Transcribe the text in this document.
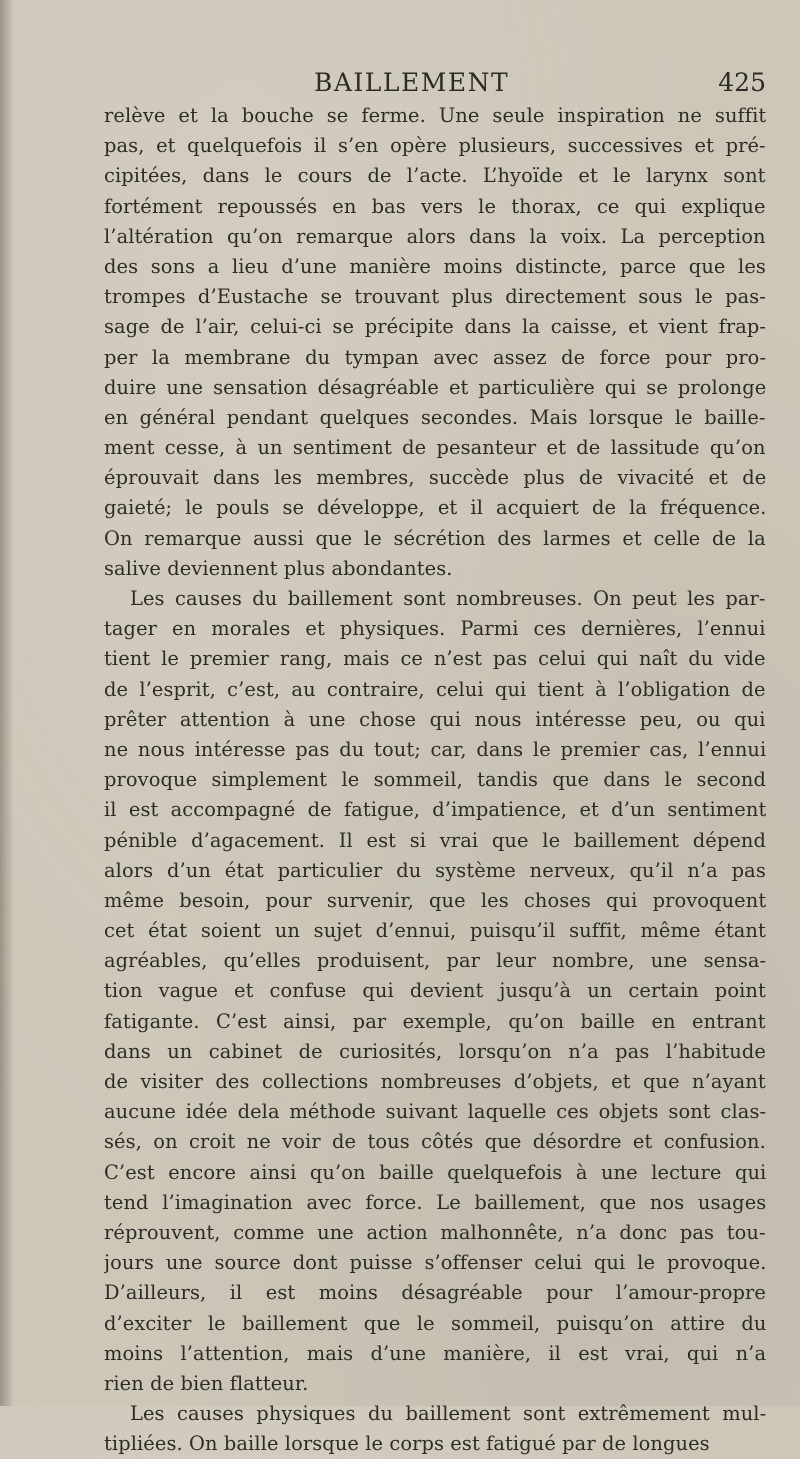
BAILLEMENT	425
relève et la bouche se ferme. Une seule inspiration ne suffit
pas, et quelquefois il s’en opère plusieurs, successives et pré-
cipitées, dans le cours de l’acte. L’hyoïde et le larynx sont
fortément repoussés en bas vers le thorax, ce qui explique
l’altération qu’on remarque alors dans la voix. La perception
des sons a lieu d’une manière moins distincte, parce que les
trompes d’Eustache se trouvant plus directement sous le pas-
sage de l’air, celui-ci se précipite dans la caisse, et vient frap-
per la membrane du tympan avec assez de force pour pro-
duire une sensation désagréable et particulière qui se prolonge
en général pendant quelques secondes. Mais lorsque le baille-
ment cesse, à un sentiment de pesanteur et de lassitude qu’on
éprouvait dans les membres, succède plus de vivacité et de
gaieté; le pouls se développe, et il acquiert de la fréquence.
On remarque aussi que le sécrétion des larmes et celle de la
salive deviennent plus abondantes.
Les causes du baillement sont nombreuses. On peut les par-
tager en morales et physiques. Parmi ces dernières, l’ennui
tient le premier rang, mais ce n’est pas celui qui naît du vide
de l’esprit, c’est, au contraire, celui qui tient à l’obligation de
prêter attention à une chose qui nous intéresse peu, ou qui
ne nous intéresse pas du tout; car, dans le premier cas, l’ennui
provoque simplement le sommeil, tandis que dans le second
il est accompagné de fatigue, d’impatience, et d’un sentiment
pénible d’agacement. Il est si vrai que le baillement dépend
alors d’un état particulier du système nerveux, qu’il n’a pas
même besoin, pour survenir, que les choses qui provoquent
cet état soient un sujet d’ennui, puisqu’il suffit, même étant
agréables, qu’elles produisent, par leur nombre, une sensa-
tion vague et confuse qui devient jusqu’à un certain point
fatigante. C’est ainsi, par exemple, qu’on baille en entrant
dans un cabinet de curiosités, lorsqu’on n’a pas l’habitude
de visiter des collections nombreuses d’objets, et que n’ayant
aucune idée dela méthode suivant laquelle ces objets sont clas-
sés, on croit ne voir de tous côtés que désordre et confusion.
C’est encore ainsi qu’on baille quelquefois à une lecture qui
tend l’imagination avec force. Le baillement, que nos usages
réprouvent, comme une action malhonnête, n’a donc pas tou-
jours une source dont puisse s’offenser celui qui le provoque.
D’ailleurs, il est moins désagréable pour l’amour-propre
d’exciter le baillement que le sommeil, puisqu’on attire du
moins l’attention, mais d’une manière, il est vrai, qui n’a
rien de bien flatteur.
Les causes physiques du baillement sont extrêmement mul-
tipliées. On baille lorsque le corps est fatigué par de longues
